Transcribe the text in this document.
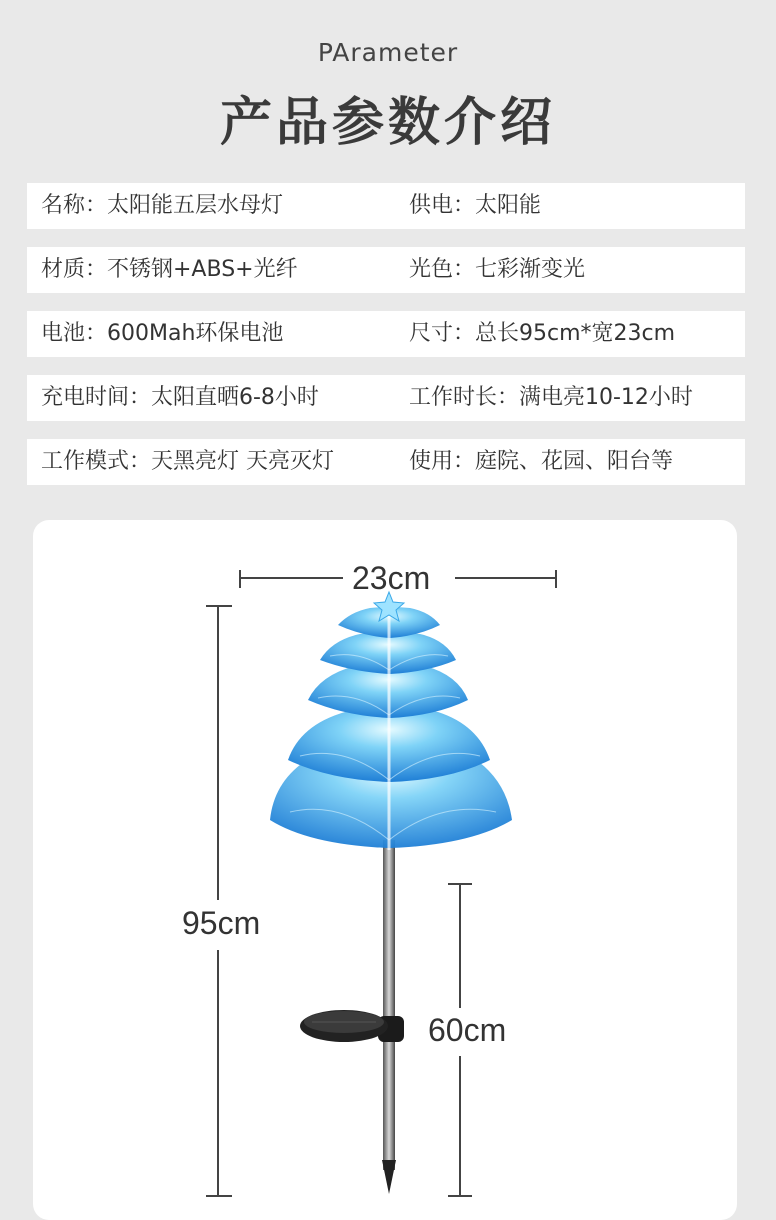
PArameter
产品参数介绍
名称：太阳能五层水母灯	供电：太阳能
材质：不锈钢+ABS+光纤	光色：七彩渐变光
电池：600Mah环保电池	尺寸：总长95cm*宽23cm
充电时间：太阳直晒6-8小时	工作时长：满电亮10-12小时
工作模式：天黑亮灯 天亮灭灯	使用：庭院、花园、阳台等
23cm
95cm
60cm
